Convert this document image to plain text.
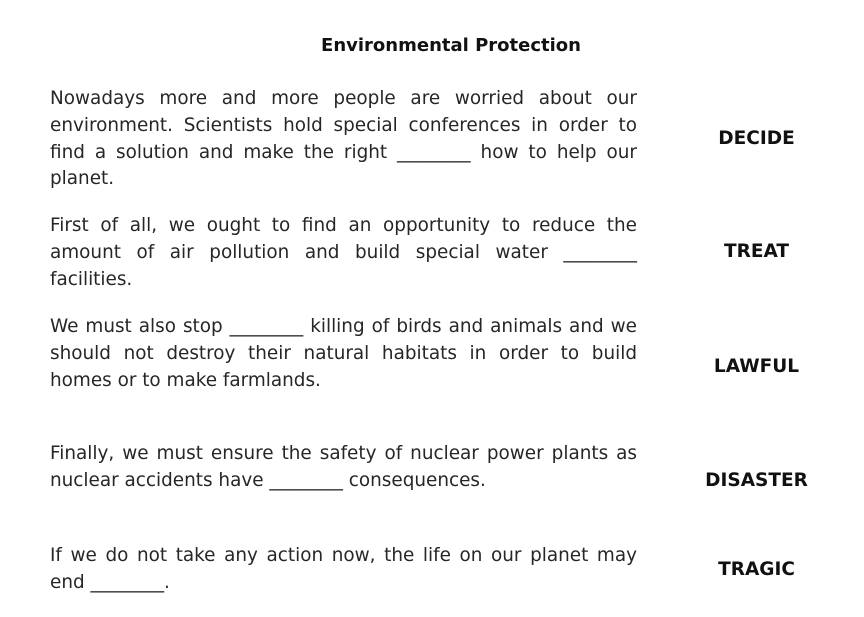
Environmental Protection

Nowadays more and more people are worried about our environment. Scientists hold special conferences in order to find a solution and make the right ________ how to help our planet.

DECIDE

First of all, we ought to find an opportunity to reduce the amount of air pollution and build special water ________ facilities.

TREAT

We must also stop ________ killing of birds and animals and we should not destroy their natural habitats in order to build homes or to make farmlands.

LAWFUL

Finally, we must ensure the safety of nuclear power plants as nuclear accidents have ________ consequences.	DISASTER

If we do not take any action now, the life on our planet may end ________.

TRAGIC
